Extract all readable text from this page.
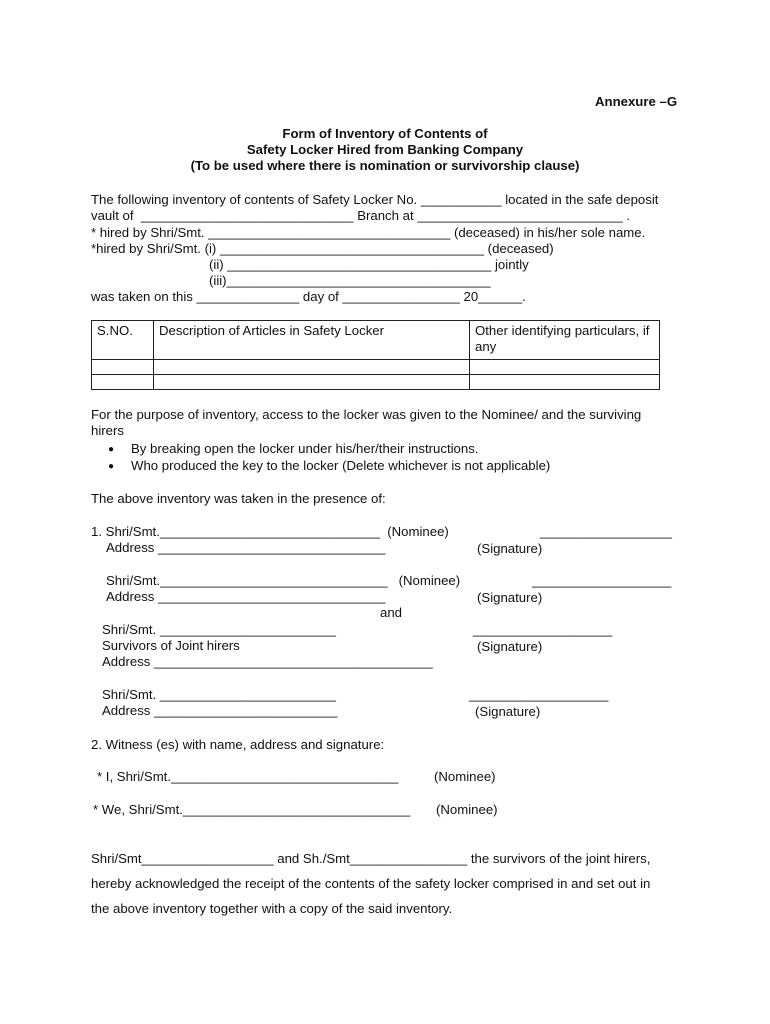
Annexure –G
Form of Inventory of Contents of
Safety Locker Hired from Banking Company
(To be used where there is nomination or survivorship clause)
The following inventory of contents of Safety Locker No. ___________ located in the safe deposit
vault of  _____________________________ Branch at ____________________________ .
* hired by Shri/Smt. _________________________________ (deceased) in his/her sole name.
*hired by Shri/Smt. (i) ____________________________________ (deceased)
(ii) ____________________________________ jointly
(iii)____________________________________
was taken on this ______________ day of ________________ 20______.
S.NO.	Description of Articles in Safety Locker	Other identifying particulars, if any

For the purpose of inventory, access to the locker was given to the Nominee/ and the surviving
hirers
● By breaking open the locker under his/her/their instructions.
● Who produced the key to the locker (Delete whichever is not applicable)
The above inventory was taken in the presence of:
1. Shri/Smt.______________________________  (Nominee)	__________________
Address _______________________________	(Signature)
Shri/Smt._______________________________   (Nominee)	___________________
Address _______________________________	(Signature)
and
Shri/Smt. ________________________	___________________
Survivors of Joint hirers	(Signature)
Address ______________________________________
Shri/Smt. ________________________	___________________
Address _________________________	(Signature)
2. Witness (es) with name, address and signature:
* I, Shri/Smt._______________________________	(Nominee)
* We, Shri/Smt._______________________________ (Nominee)
Shri/Smt__________________ and Sh./Smt________________ the survivors of the joint hirers,
hereby acknowledged the receipt of the contents of the safety locker comprised in and set out in
the above inventory together with a copy of the said inventory.
